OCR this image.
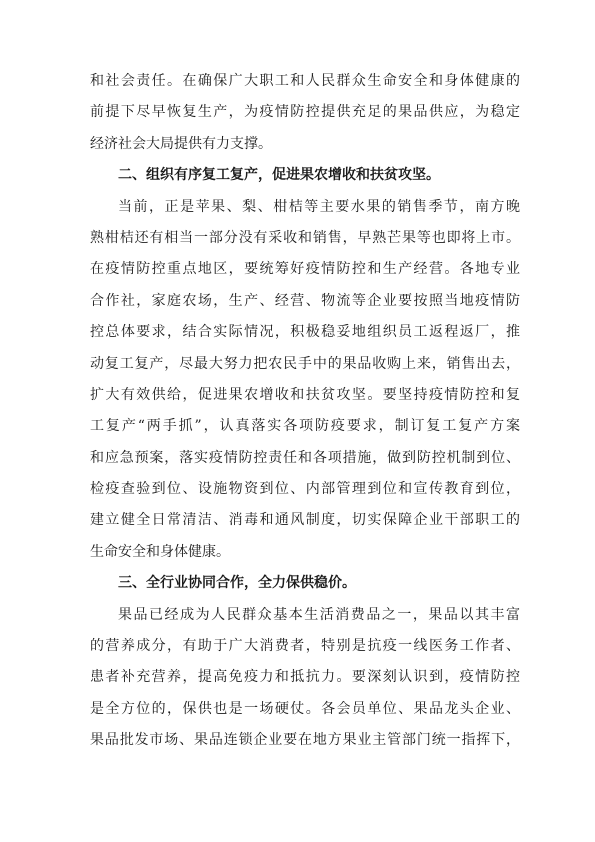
和社会责任。在确保广大职工和人民群众生命安全和身体健康的
前提下尽早恢复生产，为疫情防控提供充足的果品供应，为稳定
经济社会大局提供有力支撑。
二、组织有序复工复产，促进果农增收和扶贫攻坚。
当前，正是苹果、梨、柑桔等主要水果的销售季节，南方晚
熟柑桔还有相当一部分没有采收和销售，早熟芒果等也即将上市。
在疫情防控重点地区，要统筹好疫情防控和生产经营。各地专业
合作社，家庭农场，生产、经营、物流等企业要按照当地疫情防
控总体要求，结合实际情况，积极稳妥地组织员工返程返厂，推
动复工复产，尽最大努力把农民手中的果品收购上来，销售出去，
扩大有效供给，促进果农增收和扶贫攻坚。要坚持疫情防控和复
工复产“两手抓”，认真落实各项防疫要求，制订复工复产方案
和应急预案，落实疫情防控责任和各项措施，做到防控机制到位、
检疫查验到位、设施物资到位、内部管理到位和宣传教育到位，
建立健全日常清洁、消毒和通风制度，切实保障企业干部职工的
生命安全和身体健康。
三、全行业协同合作，全力保供稳价。
果品已经成为人民群众基本生活消费品之一，果品以其丰富
的营养成分，有助于广大消费者，特别是抗疫一线医务工作者、
患者补充营养，提高免疫力和抵抗力。要深刻认识到，疫情防控
是全方位的，保供也是一场硬仗。各会员单位、果品龙头企业、
果品批发市场、果品连锁企业要在地方果业主管部门统一指挥下，
